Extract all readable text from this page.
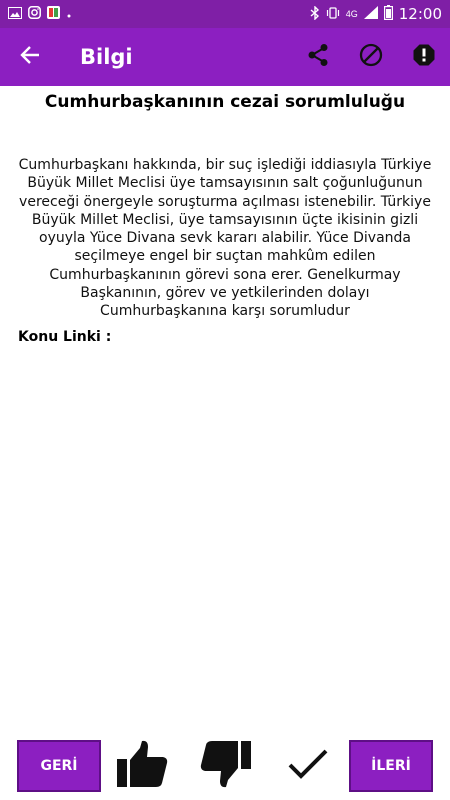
4G	12:00
Bilgi
Cumhurbaşkanının cezai sorumluluğu

Cumhurbaşkanı hakkında, bir suç işlediği iddiasıyla Türkiye Büyük Millet Meclisi üye tamsayısının salt çoğunluğunun vereceği önergeyle soruşturma açılması istenebilir. Türkiye Büyük Millet Meclisi, üye tamsayısının üçte ikisinin gizli oyuyla Yüce Divana sevk kararı alabilir. Yüce Divanda seçilmeye engel bir suçtan mahkûm edilen Cumhurbaşkanının görevi sona erer. Genelkurmay Başkanının, görev ve yetkilerinden dolayı Cumhurbaşkanına karşı sorumludur

Konu Linki :
GERİ	İLERİ
